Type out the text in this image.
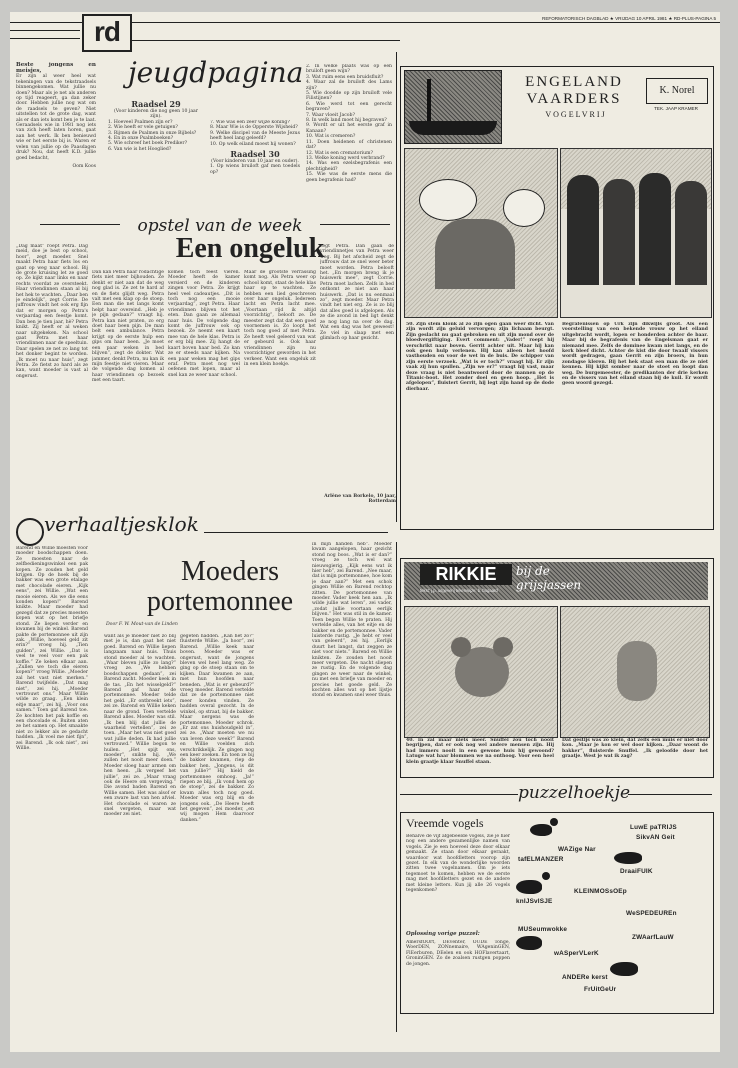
rd	REFORMATORISCH DAGBLAD ★ VRIJDAG 10 APRIL 1981 ★ RD-PLUS-PAGINA 5
jeugdpagina

Beste jongens en meisjes,

Er zijn al weer heel wat tekeningen van de tekstraadsels binnengekomen. Wat jullie nu doen? Maar als je net als anderen op tijd reageert, ga dan zeker door. Hebben jullie nog wat om de raadsels te geven? Niet uitstellen tot de grote dag, want als er dan iets komt ben je te laat. Geraadsels wie in 1981 nog iets van zich heeft laten horen, gaat aan het werk. Ik ben benieuwd wie er het eerste bij is. Waren er velen van jullie op de Paasdagen druk? Nou, dat heeft K.D. jullie goed bedacht,

Oom Koos

Raadsel 29
(Voor kinderen die nog geen 10 jaar zijn).
1. Hoeveel Psalmen zijn er?
2. Wie heeft er vele getuigen?
3. Rijmen de Psalmen in onze Bijbels?
4. En in onze Psalmboeken?
5. Wie schreef het boek Prediker?
6. Van wie is het Hooglied?
7. Wie was een zeer wijze koning?
8. Maar Wie is de Opperste Wijsheid?
9. Welke discipel van de Meeste Jezus heeft heel lang geleefd?
10. Op welk eiland moest hij wonen?
Raadsel 30
(Voor kinderen van 10 jaar en ouder).
1. Op wiens bruiloft gaf men toedels op?
2. In welke plaats was op een bruiloft geen wijn?
3. Wat ruim eens een bruidsfluit?
4. Waar zal de bruiloft des Lams zijn?
5. Wie doodde op zijn bruiloft vele Filistijnen?
6. Wie werd tot een gerecht begraven?
7. Waar vloeit Jacob?
8. In welk land moet hij begraven?
9. Wordt er uit het eerste graf in Kanaan?
10. Wat is cremeren?
11. Doen heidenen of christenen dat?
12. Wat is een crematorium?
13. Welke koning werd verbrand?
14. Was een ezelsbegrafenis een plechtigheid?
15. Wie was de eerste mens die geen begrafenis had?
opstel van de week
Een ongeluk

„Dag maat” roept Petra. Dag meid, doe je best op school, hoor”, zegt moeder. Snel maakt Petra haar fiets los en gaat op weg naar school. Bij de grote kruising let ze goed op. Ze kijkt naar links en naar rechts voordat ze oversteekt. Haar vriendinnen staan al bij het hek te wachten. „Daar ben je eindelijk”, zegt Corrie. De juffrouw vindt het ook erg fijn dat er morgen op Petra's verjaardag een feestje komt. Dan ben je tien jaar, hè? Petra knikt. Zij heeft er al weken naar uitgekeken. Na school gaat Petra met haar vriendinnen naar de speeltuin. Daar spelen ze net zo lang tot het donker begint te worden. „Ik moet nu naar huis”, zegt Petra. Ze fietst zo hard als ze kan, want moeder is vast al ongerust.

Dan kan Petra haar rodachtige fiets niet meer bijhouden. Ze denkt er niet aan dat de weg nog glad is. Ze zet te hard af en de fiets glijdt weg. Petra valt met een klap op de stoep. Een man die net langs komt helpt haar overeind. „Heb je je pijn gedaan?” vraagt hij. Petra kan niet praten, zo erg doet haar been pijn. De man belt een ambulance. Petra krijgt op de eerste hulp een gips om haar been. „Je moet een paar weken in bed blijven”, zegt de dokter. Wat jammer, denkt Petra, nu kan ik mijn feestje niet vieren. Maar de volgende dag komen al haar vriendinnen op bezoek met een taart.

komen toch feest vieren. Moeder heeft de kamer versierd en de kinderen zingen voor Petra. Ze krijgt heel veel cadeautjes. „Dit is toch nog een mooie verjaardag”, zegt Petra. Haar vriendinnen blijven tot het eten. Dan gaan ze allemaal naar huis. De volgende dag komt de juffrouw ook op bezoek. Ze neemt een kaart mee van de hele klas. Petra is er erg blij mee. Zij hangt de kaart boven haar bed. Zo kan ze er steeds naar kijken. Na een paar weken mag het gips eraf. Petra moet nog wel oefenen met lopen, maar al snel kan ze weer naar school.

Maar de grootste verrassing komt nog. Als Petra weer op school komt, staat de hele klas haar op te wachten. Ze hebben een lied geschreven over haar ongeluk. Iedereen lacht en Petra lacht mee. „Voortaan rijd ik altijd voorzichtig”, belooft ze. De meester zegt dat dat een goed voornemen is. Zo loopt het toch nog goed af met Petra. Ze heeft veel geleerd van wat er gebeurd is. Ook haar vriendinnen zijn nu voorzichtiger geworden in het verkeer. Want een ongeluk zit in een klein hoekje.

zegt Petra. Dan gaan de vriendinnetjes van Petra weer weg. Bij het afscheid zegt de juffrouw dat ze snel weer beter moet worden. Petra belooft het. „En morgen breng ik je huiswerk mee”, zegt Corrie. Petra moet lachen. Zelfs in bed ontkomt ze niet aan haar huiswerk. „Dat is nu eenmaal zo”, zegt moeder. Maar Petra vindt het niet erg. Ze is zo blij dat alles goed is afgelopen. Als ze die avond in bed ligt denkt ze nog lang na over de dag. Wat een dag was het geweest! Ze viel in slaap met een glimlach op haar gezicht.

Arlène van Borkelo, 10 jaar, Rotterdam
ENGELAND VAARDERS
VOGELVRIJ
K. Norel
TEK. JAAP KRAMER

50. Zijn stem klonk al zo zijn ogen gaan weer dicht. Van zijn wordt zijn geluid vervorgen; zijn lichaam beurgt. Zijn geslacht nu gaat gebroken en uit zijn mond over de bloedvergiftiging. Evert comment: „Vader!” roept hij verschrikt naar boven. Gerrit achter uit. Maar hij kan ook geen hulp verlenen. Hij kan alleen het hoofd vasthouden en voor de wet in de buis. De schipper van zijn eerste verzoek. „Wat is er toch?” vraagt hij. Er zijn vaak zij hun spullen. „Zijn we er?” vraagt hij vast, maar deze vraag is niet beantwoord door de mannen op de Titanic-boot. Het zonder doel en geen hoop. „Het is afgelopen”, fluistert Gerrit, hij legt zijn hand op de dode dierbaar.

Begrafenissen op Urk zijn dikwijls groot. Als een voorstelling van een bekende vrouw op het eiland uitgebracht wordt, lopen er honderden achter de baar. Maar bij de begrafenis van de Engelsman gaat er niemand mee. Zelfs de dominee kwam niet langs, en de kerk bleef dicht. Achter de kist die door twaalf vissers wordt gedragen, gaan Gerrit en zijn broers, in hun zondagse kleren. Bij het hek staat een man die ze niet kennen. Hij kijkt somber naar de stoet en loopt dan weg. De burgemeester, de predikanten der drie kerken en de vissers van het eiland staan bij de kuil. Er wordt geen woord gezegd.

verhaaltjesklok
Moeders
portemonnee
Door F. W. Mout-van de Linden

Barend en Willie moesten voor moeder boodschappen doen. Ze moesten naar de zelfbedieningswinkel een pak kopen. Ze zouden het geld krijgen. Op de hoek bij de bakker was een grote etalage met chocolade eieren. „Kijk eens”, zei Willie. „Wat een mooie eieren. Als we die eens konden kopen!” Barend knikte. Maar moeder had gezegd dat ze precies moesten kopen wat op het briefje stond. Ze liepen verder en kwamen bij de winkel. Barend pakte de portemonnee uit zijn zak. „Willie, hoeveel geld zit erin?” vroeg hij. „Tien gulden”, zei Willie. „Dat is veel te veel voor een pak koffie.” Ze keken elkaar aan. „Zullen we toch die eieren kopen?” vroeg Willie. „Moeder zal het vast niet merken.” Barend twijfelde. „Dat mag niet”, zei hij. „Moeder vertrouwt ons.” Maar Willie wilde zo graag. „Een klein eitje maar”, zei hij. „Voor ons samen.” Toen gaf Barend toe. Ze kochten het pak koffie en een chocolade ei. Buiten aten ze het samen op. Het smaakte niet zo lekker als ze gedacht hadden. „Ik voel me niet fijn”, zei Barend. „Ik ook niet”, zei Willie.

want als je moeder niet zo blij met je is, dan gaat het niet goed. Barend en Willie liepen langzaam naar huis. Thuis stond moeder al te wachten. „Waar bleven jullie zo lang?” vroeg ze. „We hebben boodschappen gedaan”, zei Barend zacht. Moeder keek in de tas. „En het wisselgeld?” Barend gaf haar de portemonnee. Moeder telde het geld. „Er ontbreekt iets”, zei ze. Barend en Willie keken naar de grond. Toen vertelde Barend alles. Moeder was stil. „Ik ben blij dat jullie de waarheid vertellen”, zei ze toen. „Maar het was niet goed wat jullie deden. Ik had jullie vertrouwd.” Willie begon te huilen. „Het spijt ons, moeder”, snikte hij. „We zullen het nooit meer doen.” Moeder sloeg haar armen om hen heen. „Ik vergeef het jullie”, zei ze. „Maar vraag ook de Heere om vergeving.” Die avond baden Barend en Willie samen. Het was alsof er een zware last van hen afviel. Het chocolade ei waren ze snel vergeten, maar wat moeder zei niet.

gegeten hadden. „Kan het zo?” fluisterde Willie. „Ja hoor”, zei Barend. „Willie keek naar boven. Moeder was er ongerust, want de jongens bleven wel heel lang weg. Ze ging op de stoep staan om te kijken. Daar kwamen ze aan, met hun hoofden naar beneden. „Wat is er gebeurd?” vroeg moeder. Barend vertelde dat ze de portemonnee niet meer konden vinden. Ze hadden overal gezocht. In de winkel, op straat, bij de bakker. Maar nergens was de portemonnee. Moeder schrok. „Er zat ons huishoudgeld in”, zei ze. „Waar moeten we nu van leven deze week?” Barend en Willie voelden zich verschrikkelijk. Ze gingen nog een keer zoeken. En toen ze bij de bakker kwamen, riep de bakker hen. „Jongens, is dit van jullie?” Hij hield de portemonnee omhoog. „Ja!” riepen ze blij. „Ik vond hem op de stoep”, zei de bakker. Zo kwam alles toch nog goed. Moeder was erg blij en de jongens ook. „De Heere heeft het gegeven”, zei moeder, „en wij mogen Hem daarvoor danken.”

in mijn handen heb”. Moeder kwam aangelopen, haar gezicht stond nog boos. „Wat is er dan?” vroeg ze toch wel wat nieuwsgierig. „Kijk eens wat ik hier heb”, zei Barend. „Nee maar, dat is mijn portemonnee, hoe kom je daar aan?” Met een schok gingen Willie en Barend rechtop zitten. De portemonnee van moeder. Vader keek hen aan. „Ik wilde jullie wat leren”, zei vader, „zodat jullie voortaan eerlijk blijven.” Het was stil in de kamer. Toen begon Willie te praten. Hij vertelde alles, van het eitje en de bakker en de portemonnee. Vader luisterde rustig. „Je hebt er veel van geleerd”, zei hij. „Eerlijk duurt het langst, dat zeggen ze niet voor niets.” Barend en Willie knikten. Ze zouden het nooit meer vergeten. Die nacht sliepen ze rustig. En de volgende dag gingen ze weer naar de winkel, nu met een briefje van moeder en precies het goede geld. Ze kochten alles wat op het lijstje stond en kwamen snel weer thuis.

RIKKIE	bij de grijsjassen
tekst: j.p. uitgeverij tekenwijze: b. bogaard

40. In zal maar niets meer. Snuffel zou toch nooit begrijpen, dat er ook nog wel andere mensen zijn. Hij had immers nooit in een gewone huis hij gewoond? Latuge wat haar blommen we na onthoog. Voor een heel klein graatje klaar Snuffel staan.

Dat gestijs was zo klein, dat zelfs een muis er niet door kon. „Maar je kon er wel door kijken. „Daar woont de bakker”, fluisterde Snuffel. „Ik geloofde door het graatje. West je wat ik zag?

puzzelhoekje
Vreemde vogels

Behalve de vijf afgebeelde vogels, zie je hier nog een andere gezamenlijke namen van vogels. Zie je een hoeveel deze door elkaar gemaakt. Ze staan door elkaar geraakt, waardoor wat hoofdletters voorop zijn gezet. In elk van de wonderlijke woorden zitten twee vogelnamen. Om je iets tegemoet te komen, hebben we de eerste mag met hoofdletters gezet en de andere met kleine letters. Kun jij alle 26 vogels tegenkomen?

Oplossing vorige puzzel:

AmersfOOrt, DEventer, OUDE Tonge, WoerDEN, ZONnemaire, WAgeninGEN, FlEerburen, DEelen en ook HOFlavertaart, GroninGEN. Zo de zoalsen rustgen poppen de jongen.

LuwE paTRIJS
SikvAN Geit
WAZige Nar
tafELMANZER
DraaiFUIK
knIJSvISJE
KLEINMOSsOEp
WeSPEDEUREn
MUSeumwokke
ZWAarfLauW
wASperVLerK
ANDERe kerst
FrUitGeUr
